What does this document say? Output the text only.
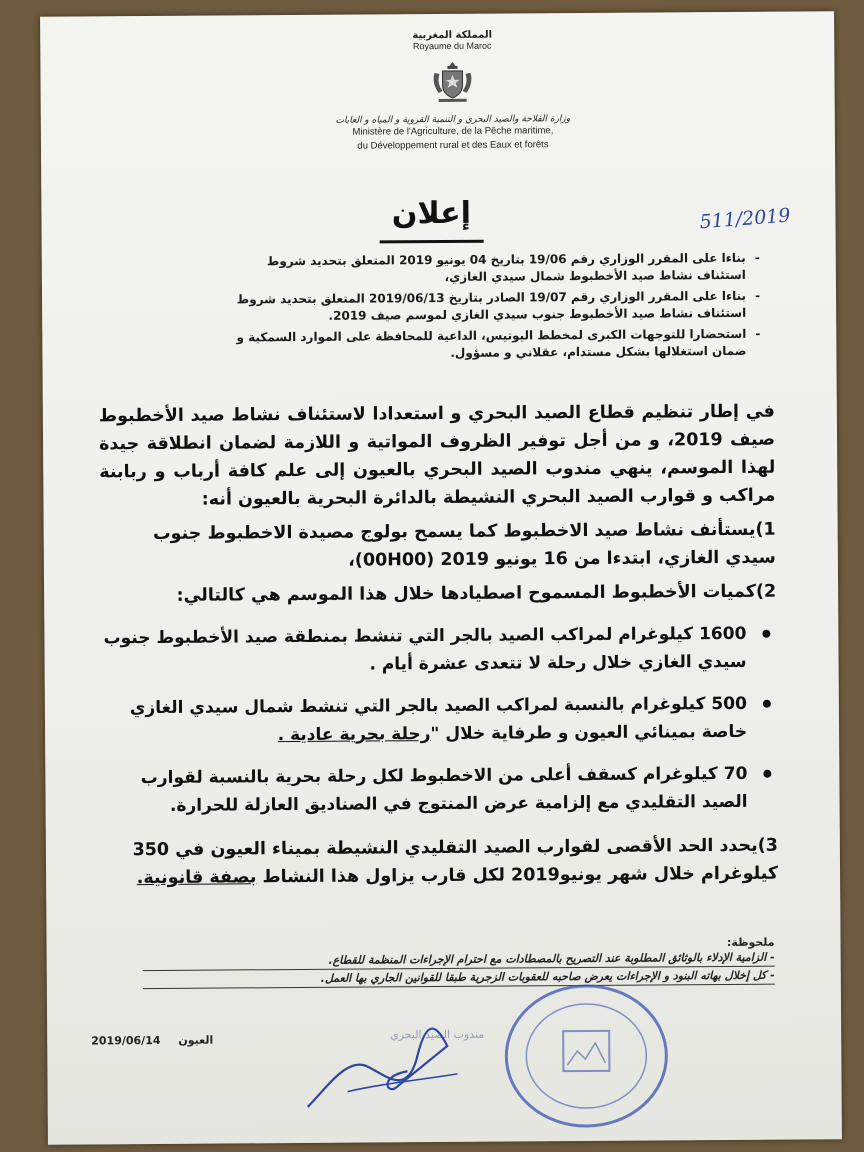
المملكة المغربية
Royaume du Maroc
وزارة الفلاحة والصيد البحري و التنمية القروية و المياه و الغابات
Ministère de l'Agriculture, de la Pêche maritime,
du Développement rural et des Eaux et forêts
إعلان	511/2019
- بناءا على المقرر الوزاري رقم 19/06 بتاريخ 04 يونيو 2019 المتعلق بتحديد شروط استئناف نشاط صيد الأخطبوط شمال سيدي الغازي،
- بناءا على المقرر الوزاري رقم 19/07 الصادر بتاريخ 2019/06/13 المتعلق بتحديد شروط استئناف نشاط صيد الأخطبوط جنوب سيدي الغازي لموسم صيف 2019.
- استحضارا للتوجهات الكبرى لمخطط اليوتيس، الداعية للمحافظة على الموارد السمكية و ضمان استغلالها بشكل مستدام، عقلاني و مسؤول.
في إطار تنظيم قطاع الصيد البحري و استعدادا لاستئناف نشاط صيد الأخطبوط صيف 2019، و من أجل توفير الظروف المواتية و اللازمة لضمان انطلاقة جيدة لهذا الموسم، ينهي مندوب الصيد البحري بالعيون إلى علم كافة أرباب و ربابنة مراكب و قوارب الصيد البحري النشيطة بالدائرة البحرية بالعيون أنه:
1)يستأنف نشاط صيد الاخطبوط كما يسمح بولوج مصيدة الاخطبوط جنوب سيدي الغازي، ابتدءا من 16 يونيو 2019 (00H00)،
2)كميات الأخطبوط المسموح اصطيادها خلال هذا الموسم هي كالتالي:
1600 كيلوغرام لمراكب الصيد بالجر التي تنشط بمنطقة صيد الأخطبوط جنوب سيدي الغازي خلال رحلة لا تتعدى عشرة أيام .
500 كيلوغرام بالنسبة لمراكب الصيد بالجر التي تنشط شمال سيدي الغازي خاصة بمينائي العيون و طرفاية خلال "رحلة بحرية عادية .
70 كيلوغرام كسقف أعلى من الاخطبوط لكل رحلة بحرية بالنسبة لقوارب الصيد التقليدي مع إلزامية عرض المنتوج في الصناديق العازلة للحرارة.
3)يحدد الحد الأقصى لقوارب الصيد التقليدي النشيطة بميناء العيون في 350 كيلوغرام خلال شهر يونيو2019 لكل قارب يزاول هذا النشاط بصفة قانونية.
ملحوظة:
- الزامية الإدلاء بالوثائق المطلوبة عند التصريح بالمصطادات مع احترام الإجراءات المنظمة للقطاع.
- كل إخلال بهاته البنود و الإجراءات يعرض صاحبه للعقوبات الزجرية طبقا للقوانين الجاري بها العمل.
2019/06/14 العيون	مندوب الصيد البحري
